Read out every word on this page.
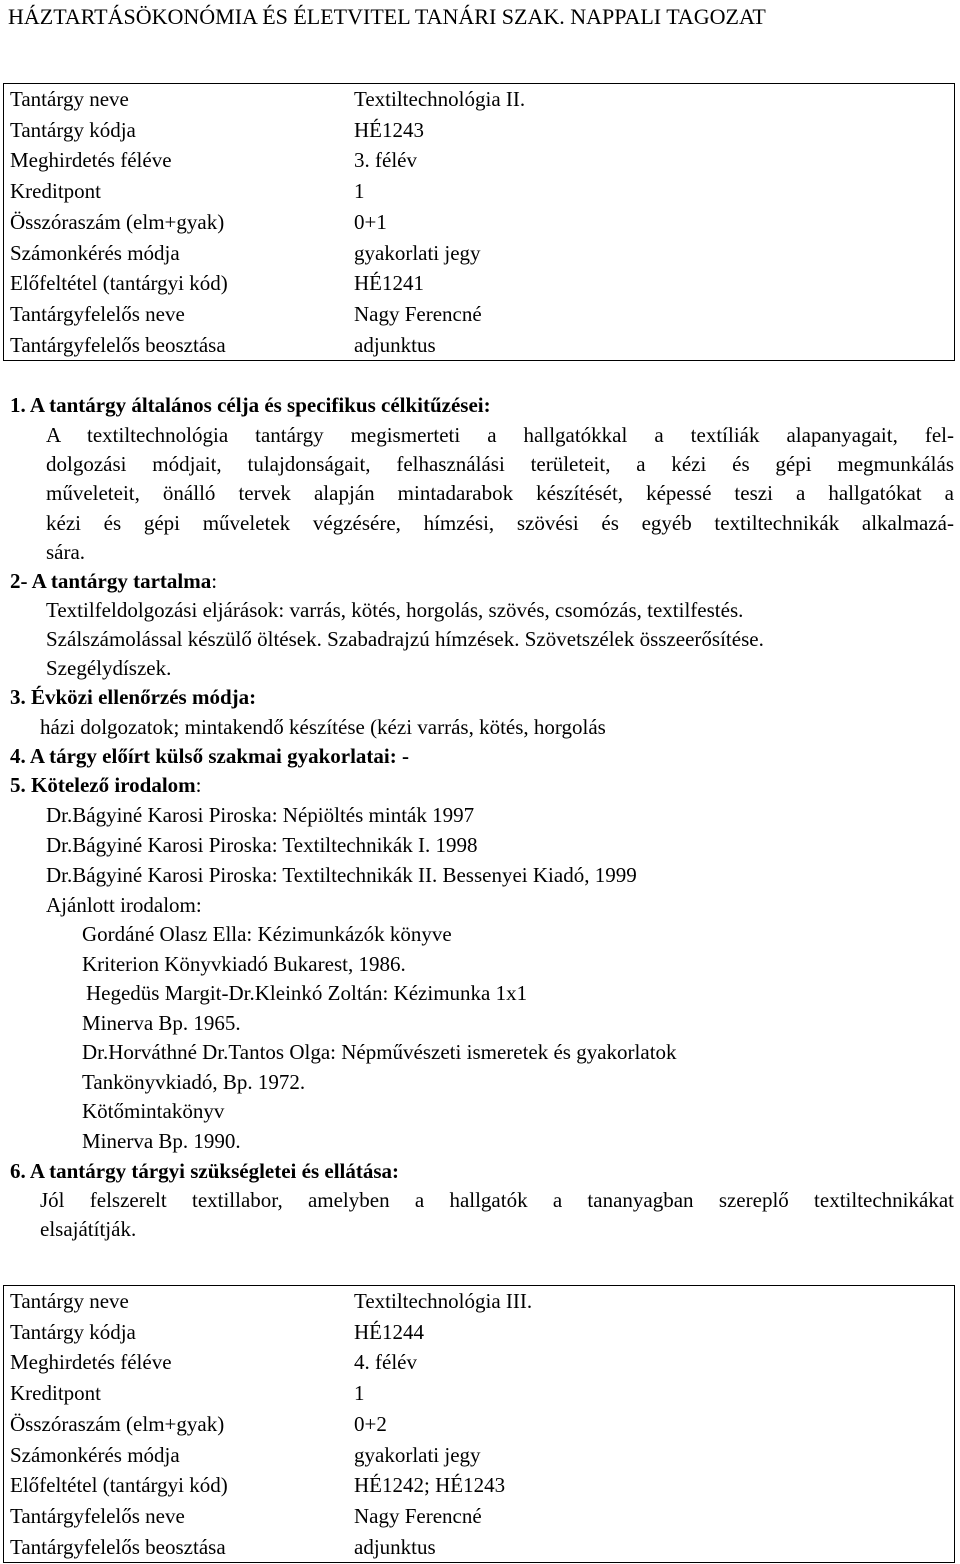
HÁZTARTÁSÖKONÓMIA ÉS ÉLETVITEL TANÁRI SZAK. NAPPALI TAGOZAT
Tantárgy neve	Textiltechnológia II.
Tantárgy kódja	HÉ1243
Meghirdetés féléve	3. félév
Kreditpont	1
Összóraszám (elm+gyak)	0+1
Számonkérés módja	gyakorlati jegy
Előfeltétel (tantárgyi kód)	HÉ1241
Tantárgyfelelős neve	Nagy Ferencné
Tantárgyfelelős beosztása	adjunktus
1. A tantárgy általános célja és specifikus célkitűzései:
A textiltechnológia tantárgy megismerteti a hallgatókkal a textíliák alapanyagait, fel-
dolgozási módjait, tulajdonságait, felhasználási területeit, a kézi és gépi megmunkálás
műveleteit, önálló tervek alapján mintadarabok készítését, képessé teszi a hallgatókat a
kézi és gépi műveletek végzésére, hímzési, szövési és egyéb textiltechnikák alkalmazá-
sára.
2- A tantárgy tartalma:
Textilfeldolgozási eljárások: varrás, kötés, horgolás, szövés, csomózás, textilfestés.
Szálszámolással készülő öltések. Szabadrajzú hímzések. Szövetszélek összeerősítése.
Szegélydíszek.
3. Évközi ellenőrzés módja:
házi dolgozatok; mintakendő készítése (kézi varrás, kötés, horgolás
4. A tárgy előírt külső szakmai gyakorlatai: -
5. Kötelező irodalom:
Dr.Bágyiné Karosi Piroska: Népiöltés minták 1997
Dr.Bágyiné Karosi Piroska: Textiltechnikák I. 1998
Dr.Bágyiné Karosi Piroska: Textiltechnikák II. Bessenyei Kiadó, 1999
Ajánlott irodalom:
Gordáné Olasz Ella: Kézimunkázók könyve
Kriterion Könyvkiadó Bukarest, 1986.
Hegedüs Margit-Dr.Kleinkó Zoltán: Kézimunka 1x1
Minerva Bp. 1965.
Dr.Horváthné Dr.Tantos Olga: Népművészeti ismeretek és gyakorlatok
Tankönyvkiadó, Bp. 1972.
Kötőmintakönyv
Minerva Bp. 1990.
6. A tantárgy tárgyi szükségletei és ellátása:
Jól felszerelt textillabor, amelyben a hallgatók a tananyagban szereplő textiltechnikákat
elsajátítják.
Tantárgy neve	Textiltechnológia III.
Tantárgy kódja	HÉ1244
Meghirdetés féléve	4. félév
Kreditpont	1
Összóraszám (elm+gyak)	0+2
Számonkérés módja	gyakorlati jegy
Előfeltétel (tantárgyi kód)	HÉ1242; HÉ1243
Tantárgyfelelős neve	Nagy Ferencné
Tantárgyfelelős beosztása	adjunktus
